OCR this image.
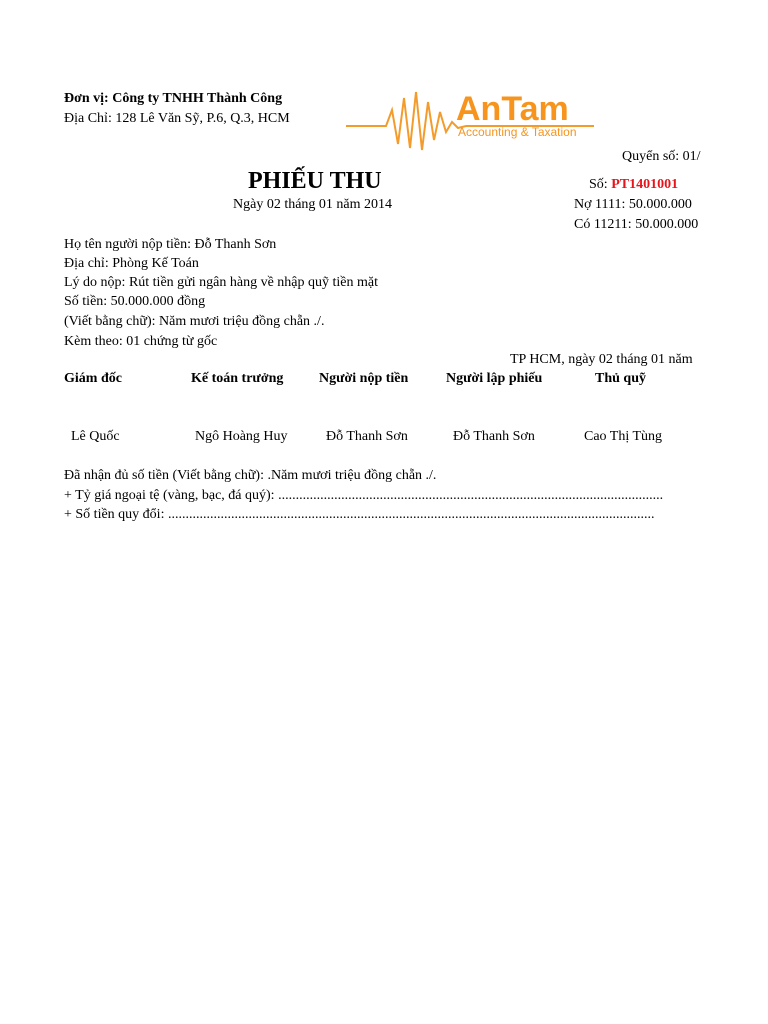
Đơn vị: Công ty TNHH Thành Công
Địa Chỉ: 128 Lê Văn Sỹ, P.6, Q.3, HCM	AnTam
Accounting & Taxation
Quyển số: 01/
PHIẾU THU
Ngày 02 tháng 01 năm 2014
Số: PT1401001
Nợ 1111: 50.000.000
Có 11211: 50.000.000
Họ tên người nộp tiền: Đỗ Thanh Sơn
Địa chỉ: Phòng Kế Toán
Lý do nộp: Rút tiền gửi ngân hàng về nhập quỹ tiền mặt
Số tiền: 50.000.000 đồng
(Viết bằng chữ): Năm mươi triệu đồng chẵn ./.
Kèm theo: 01 chứng từ gốc
TP HCM, ngày 02 tháng 01 năm
Giám đốc	Kế toán trưởng	Người nộp tiền	Người lập phiếu	Thủ quỹ
Lê Quốc	Ngô Hoàng Huy	Đỗ Thanh Sơn	Đỗ Thanh Sơn	Cao Thị Tùng
Đã nhận đủ số tiền (Viết bằng chữ): .Năm mươi triệu đồng chẵn ./.
+ Tỷ giá ngoại tệ (vàng, bạc, đá quý): ..............................................................................................................
+ Số tiền quy đổi: ...........................................................................................................................................
